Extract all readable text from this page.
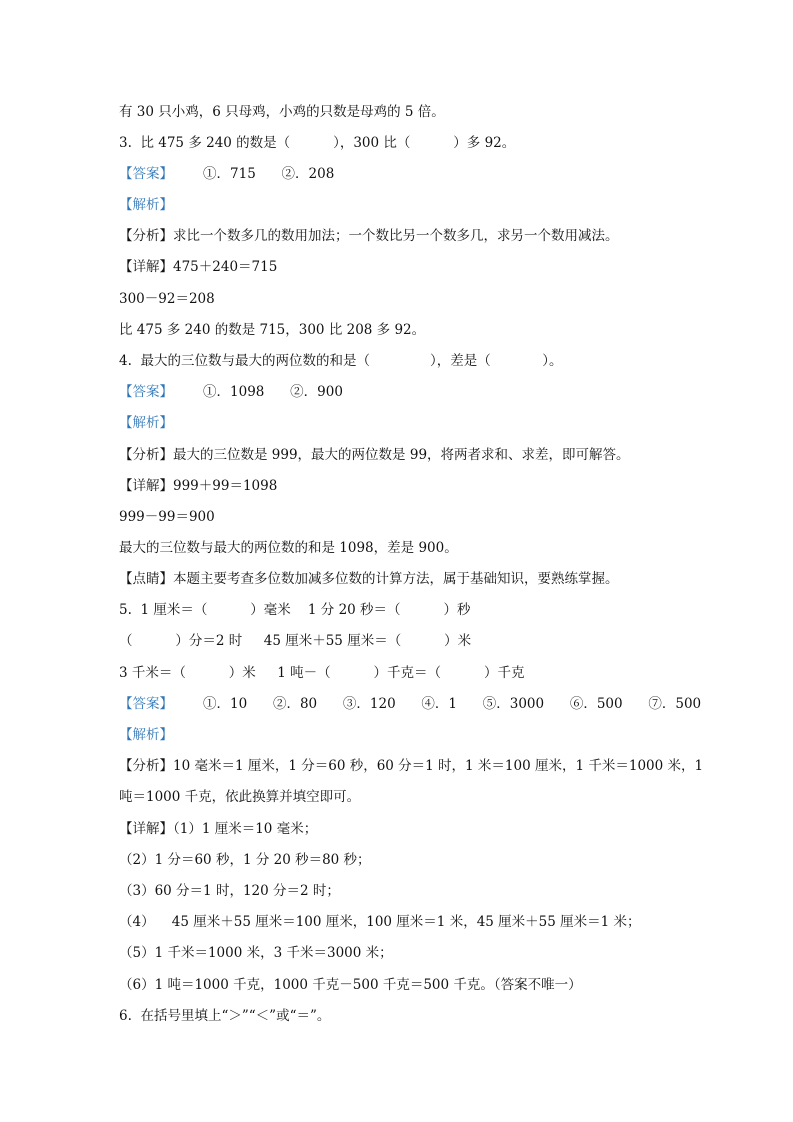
有 30 只小鸡，6 只母鸡，小鸡的只数是母鸡的 5 倍。
3.  比 475 多 240 的数是（          ），300 比（          ）多 92。
【答案】       ①．715      ②．208
【解析】
【分析】求比一个数多几的数用加法；一个数比另一个数多几，求另一个数用减法。
【详解】475＋240＝715
300－92＝208
比 475 多 240 的数是 715，300 比 208 多 92。
4.  最大的三位数与最大的两位数的和是（              ），差是（            ）。
【答案】       ①．1098      ②．900
【解析】
【分析】最大的三位数是 999，最大的两位数是 99，将两者求和、求差，即可解答。
【详解】999＋99＝1098
999－99＝900
最大的三位数与最大的两位数的和是 1098，差是 900。
【点睛】本题主要考查多位数加减多位数的计算方法，属于基础知识，要熟练掌握。
5.  1 厘米＝（          ）毫米    1 分 20 秒＝（          ）秒
（          ）分＝2 时     45 厘米＋55 厘米＝（          ）米
3 千米＝（          ）米     1 吨－（          ）千克＝（          ）千克
【答案】       ①．10      ②．80      ③．120      ④．1      ⑤．3000      ⑥．500      ⑦．500
【解析】
【分析】10 毫米＝1 厘米，1 分＝60 秒，60 分＝1 时，1 米＝100 厘米，1 千米＝1000 米，1
吨＝1000 千克，依此换算并填空即可。
【详解】（1）1 厘米＝10 毫米；
（2）1 分＝60 秒，1 分 20 秒＝80 秒；
（3）60 分＝1 时，120 分＝2 时；
（4）    45 厘米＋55 厘米＝100 厘米，100 厘米＝1 米，45 厘米＋55 厘米＝1 米；
（5）1 千米＝1000 米，3 千米＝3000 米；
（6）1 吨＝1000 千克，1000 千克－500 千克＝500 千克。（答案不唯一）
6.  在括号里填上“＞”“＜”或“＝”。
